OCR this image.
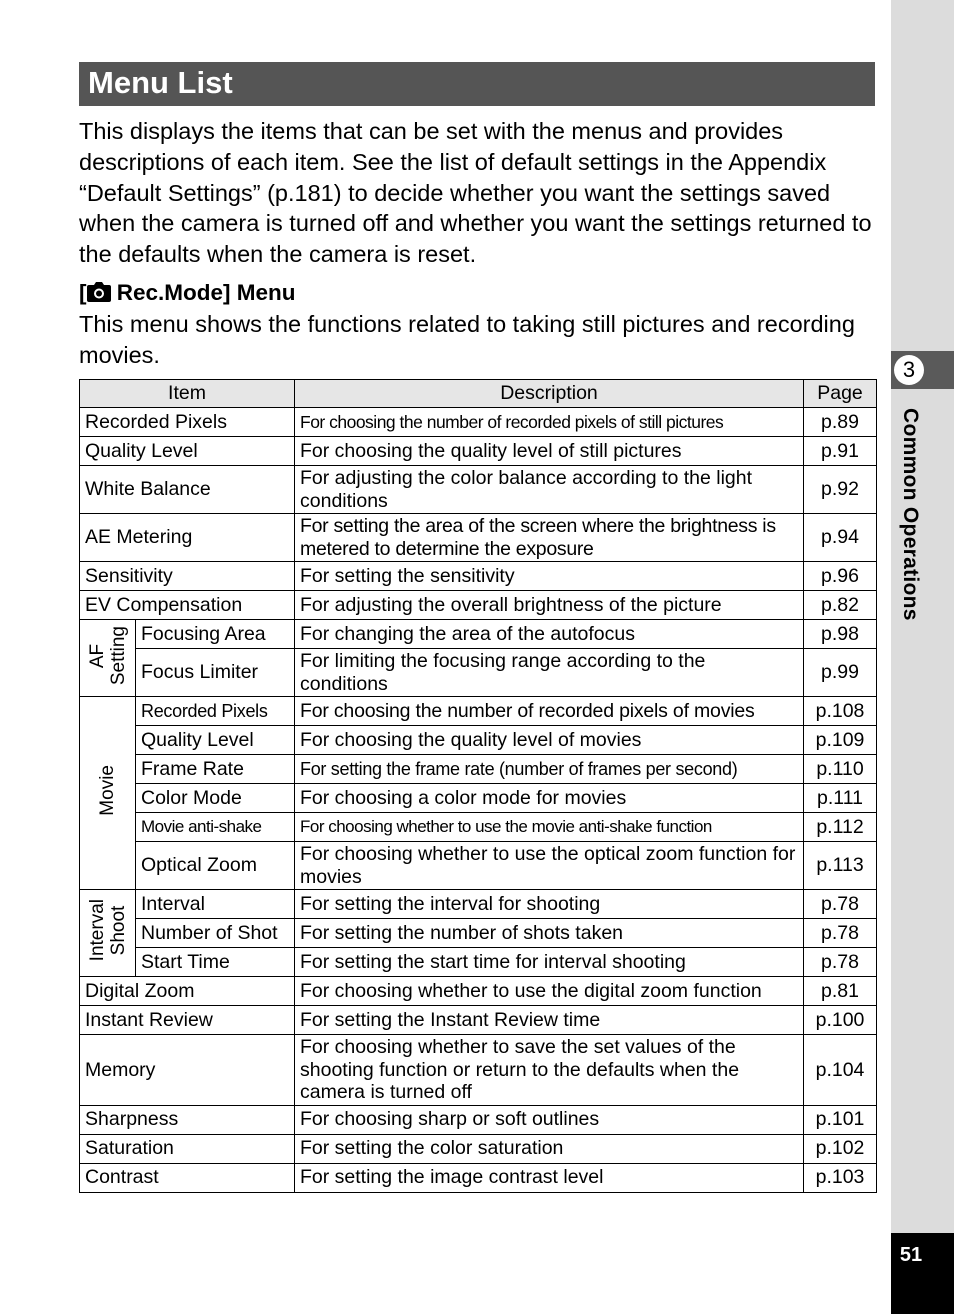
3
Common Operations
51
Menu List

This displays the items that can be set with the menus and provides descriptions of each item. See the list of default settings in the Appendix “Default Settings” (p.181) to decide whether you want the settings saved when the camera is turned off and whether you want the settings returned to the defaults when the camera is reset.

[ Rec.Mode] Menu

This menu shows the functions related to taking still pictures and recording movies.

Item		Description	Page
Recorded Pixels		For choosing the number of recorded pixels of still pictures	p.89
Quality Level		For choosing the quality level of still pictures	p.91
White Balance		For adjusting the color balance according to the light conditions	p.92
AE Metering		For setting the area of the screen where the brightness is metered to determine the exposure	p.94
Sensitivity		For setting the sensitivity	p.96
EV Compensation		For adjusting the overall brightness of the picture	p.82

AF Setting	Focusing Area	For changing the area of the autofocus	p.98
	Focus Limiter	For limiting the focusing range according to the conditions	p.99
Movie	Recorded Pixels	For choosing the number of recorded pixels of movies	p.108
	Quality Level	For choosing the quality level of movies	p.109
	Frame Rate	For setting the frame rate (number of frames per second)	p.110
	Color Mode	For choosing a color mode for movies	p.111
	Movie anti-shake	For choosing whether to use the movie anti-shake function	p.112
	Optical Zoom	For choosing whether to use the optical zoom function for movies	p.113

Interval Shoot	Interval	For setting the interval for shooting	p.78
	Number of Shot	For setting the number of shots taken	p.78
	Start Time	For setting the start time for interval shooting	p.78
Digital Zoom		For choosing whether to use the digital zoom function	p.81
Instant Review		For setting the Instant Review time	p.100
Memory		For choosing whether to save the set values of the shooting function or return to the defaults when the camera is turned off	p.104
Sharpness		For choosing sharp or soft outlines	p.101
Saturation		For setting the color saturation	p.102
Contrast		For setting the image contrast level	p.103
